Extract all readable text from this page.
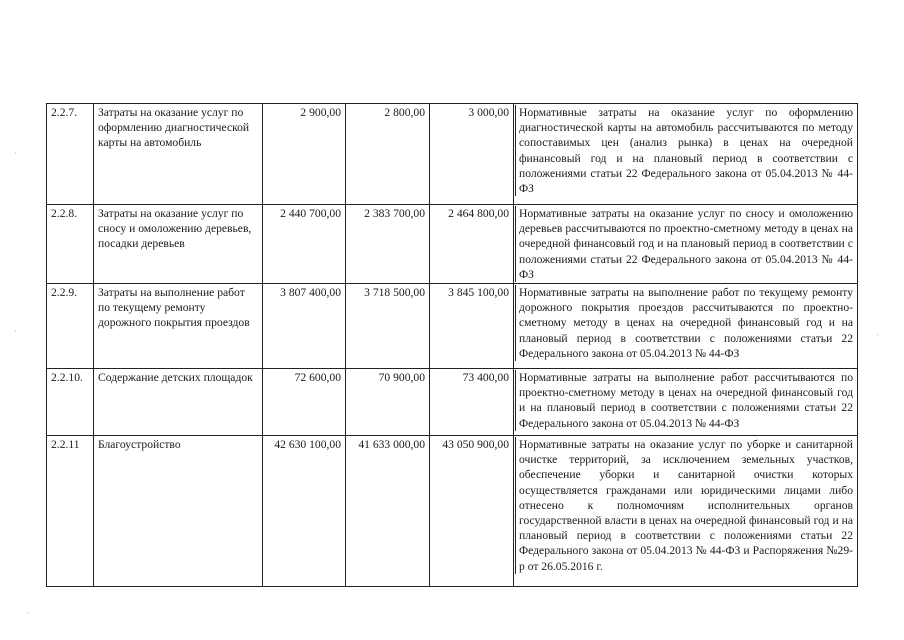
2.2.7.	Затраты на оказание услуг по оформлению диагностической карты на автомобиль	2 900,00	2 800,00	3 000,00	Нормативные затраты на оказание услуг по оформлению диагностической карты на автомобиль рассчитываются по методу сопоставимых цен (анализ рынка) в ценах на очередной финансовый год и на плановый период в соответствии с положениями статьи 22 Федерального закона от 05.04.2013 № 44-ФЗ

2.2.8.	Затраты на оказание услуг по сносу и омоложению деревьев, посадки деревьев	2 440 700,00	2 383 700,00	2 464 800,00	Нормативные затраты на оказание услуг по сносу и омоложению деревьев рассчитываются по проектно-сметному методу в ценах на очередной финансовый год и на плановый период в соответствии с положениями статьи 22 Федерального закона от 05.04.2013 № 44-ФЗ

2.2.9.	Затраты на выполнение работ по текущему ремонту дорожного покрытия проездов	3 807 400,00	3 718 500,00	3 845 100,00	Нормативные затраты на выполнение работ по текущему ремонту дорожного покрытия проездов рассчитываются по проектно-сметному методу в ценах на очередной финансовый год и на плановый период в соответствии с положениями статьи 22 Федерального закона от 05.04.2013 № 44-ФЗ

2.2.10.	Содержание детских площадок	72 600,00	70 900,00	73 400,00	Нормативные затраты на выполнение работ рассчитываются по проектно-сметному методу в ценах на очередной финансовый год и на плановый период в соответствии с положениями статьи 22 Федерального закона от 05.04.2013 № 44-ФЗ

2.2.11	Благоустройство	42 630 100,00	41 633 000,00	43 050 900,00	Нормативные затраты на оказание услуг по уборке и санитарной очистке территорий, за исключением земельных участков, обеспечение уборки и санитарной очистки которых осуществляется гражданами или юридическими лицами либо отнесено к полномочиям исполнительных органов государственной власти в ценах на очередной финансовый год и на плановый период в соответствии с положениями статьи 22 Федерального закона от 05.04.2013 № 44-ФЗ и Распоряжения №29-р от 26.05.2016 г.
·
·	·
·
